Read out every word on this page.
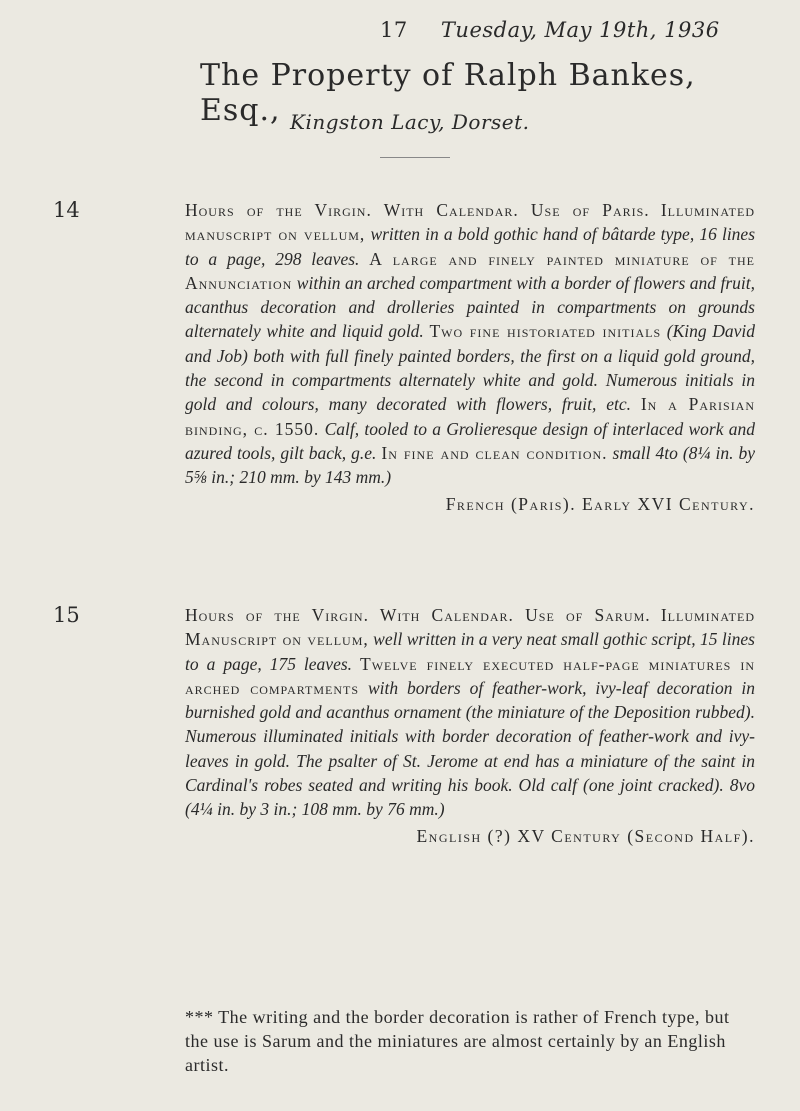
17 Tuesday, May 19th, 1936
The Property of Ralph Bankes, Esq., Kingston Lacy, Dorset.
14	Hours of the Virgin. With Calendar. Use of Paris. Illuminated manuscript on vellum, written in a bold gothic hand of bâtarde type, 16 lines to a page, 298 leaves. A large and finely painted miniature of the Annunciation within an arched compartment with a border of flowers and fruit, acanthus decoration and drolleries painted in compartments on grounds alternately white and liquid gold. Two fine historiated initials (King David and Job) both with full finely painted borders, the first on a liquid gold ground, the second in compartments alternately white and gold. Numerous initials in gold and colours, many decorated with flowers, fruit, etc. In a Parisian binding, c. 1550. Calf, tooled to a Grolieresque design of interlaced work and azured tools, gilt back, g.e. In fine and clean condition. small 4to (8¼ in. by 5⅝ in.; 210 mm. by 143 mm.)
French (Paris). Early XVI Century.
15	Hours of the Virgin. With Calendar. Use of Sarum. Illuminated Manuscript on vellum, well written in a very neat small gothic script, 15 lines to a page, 175 leaves. Twelve finely executed half-page miniatures in arched compartments with borders of feather-work, ivy-leaf decoration in burnished gold and acanthus ornament (the miniature of the Deposition rubbed). Numerous illuminated initials with border decoration of feather-work and ivy-leaves in gold. The psalter of St. Jerome at end has a miniature of the saint in Cardinal's robes seated and writing his book. Old calf (one joint cracked). 8vo (4¼ in. by 3 in.; 108 mm. by 76 mm.)
English (?) XV Century (Second Half).
*** The writing and the border decoration is rather of French type, but the use is Sarum and the miniatures are almost certainly by an English artist.
